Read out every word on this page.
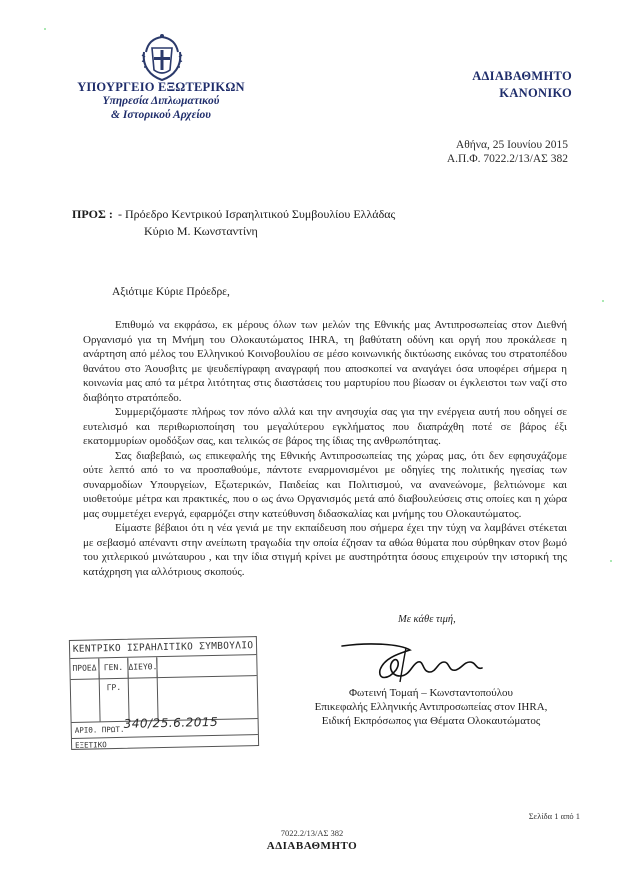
ΥΠΟΥΡΓΕΙΟ ΕΞΩΤΕΡΙΚΩΝ
Υπηρεσία Διπλωματικού
& Ιστορικού Αρχείου
ΑΔΙΑΒΑΘΜΗΤΟ
ΚΑΝΟΝΙΚΟ
Αθήνα, 25 Ιουνίου 2015
Α.Π.Φ. 7022.2/13/ΑΣ 382
ΠΡΟΣ : - Πρόεδρο Κεντρικού Ισραηλιτικού Συμβουλίου Ελλάδας
Κύριο Μ. Κωνσταντίνη
Αξιότιμε Κύριε Πρόεδρε,

Επιθυμώ να εκφράσω, εκ μέρους όλων των μελών της Εθνικής μας Αντιπροσωπείας στον Διεθνή Οργανισμό για τη Μνήμη του Ολοκαυτώματος IHRA, τη βαθύτατη οδύνη και οργή που προκάλεσε η ανάρτηση από μέλος του Ελληνικού Κοινοβουλίου σε μέσο κοινωνικής δικτύωσης εικόνας του στρατοπέδου θανάτου στο Άουσβιτς με ψευδεπίγραφη αναγραφή που αποσκοπεί να αναγάγει όσα υποφέρει σήμερα η κοινωνία μας από τα μέτρα λιτότητας στις διαστάσεις του μαρτυρίου που βίωσαν οι έγκλειστοι των ναζί στο διαβόητο στρατόπεδο.

Συμμεριζόμαστε πλήρως τον πόνο αλλά και την ανησυχία σας για την ενέργεια αυτή που οδηγεί σε ευτελισμό και περιθωριοποίηση του μεγαλύτερου εγκλήματος που διαπράχθη ποτέ σε βάρος έξι εκατομμυρίων ομοδόξων σας, και τελικώς σε βάρος της ίδιας της ανθρωπότητας.

Σας διαβεβαιώ, ως επικεφαλής της Εθνικής Αντιπροσωπείας της χώρας μας, ότι δεν εφησυχάζομε ούτε λεπτό από το να προσπαθούμε, πάντοτε εναρμονισμένοι με οδηγίες της πολιτικής ηγεσίας των συναρμοδίων Υπουργείων, Εξωτερικών, Παιδείας και Πολιτισμού, να ανανεώνομε, βελτιώνομε και υιοθετούμε μέτρα και πρακτικές, που ο ως άνω Οργανισμός μετά από διαβουλεύσεις στις οποίες και η χώρα μας συμμετέχει ενεργά, εφαρμόζει στην κατεύθυνση διδασκαλίας και μνήμης του Ολοκαυτώματος.

Είμαστε βέβαιοι ότι η νέα γενιά με την εκπαίδευση που σήμερα έχει την τύχη να λαμβάνει στέκεται με σεβασμό απέναντι στην ανείπωτη τραγωδία την οποία έζησαν τα αθώα θύματα που σύρθηκαν στον βωμό του χιτλερικού μινώταυρου , και την ίδια στιγμή κρίνει με αυστηρότητα όσους επιχειρούν την ιστορική της κατάχρηση για αλλότριους σκοπούς.

Με κάθε τιμή,
Φωτεινή Τομαή – Κωνσταντοπούλου
Επικεφαλής Ελληνικής Αντιπροσωπείας στον IHRA,
Ειδική Εκπρόσωπος για Θέματα Ολοκαυτώματος
ΚΕΝΤΡΙΚΟ ΙΣΡΑΗΛΙΤΙΚΟ ΣΥΜΒΟΥΛΙΟ
ΠΡΟΕΔ ΓΕΝ. ΓΡ.
ΔΙΕΥΘ.
ΑΡΙΘ. ΠΡΩΤ.
340/25.6.2015
ΕΞΕΤΙΚΟ
Σελίδα 1 από 1
7022.2/13/ΑΣ 382
ΑΔΙΑΒΑΘΜΗΤΟ
